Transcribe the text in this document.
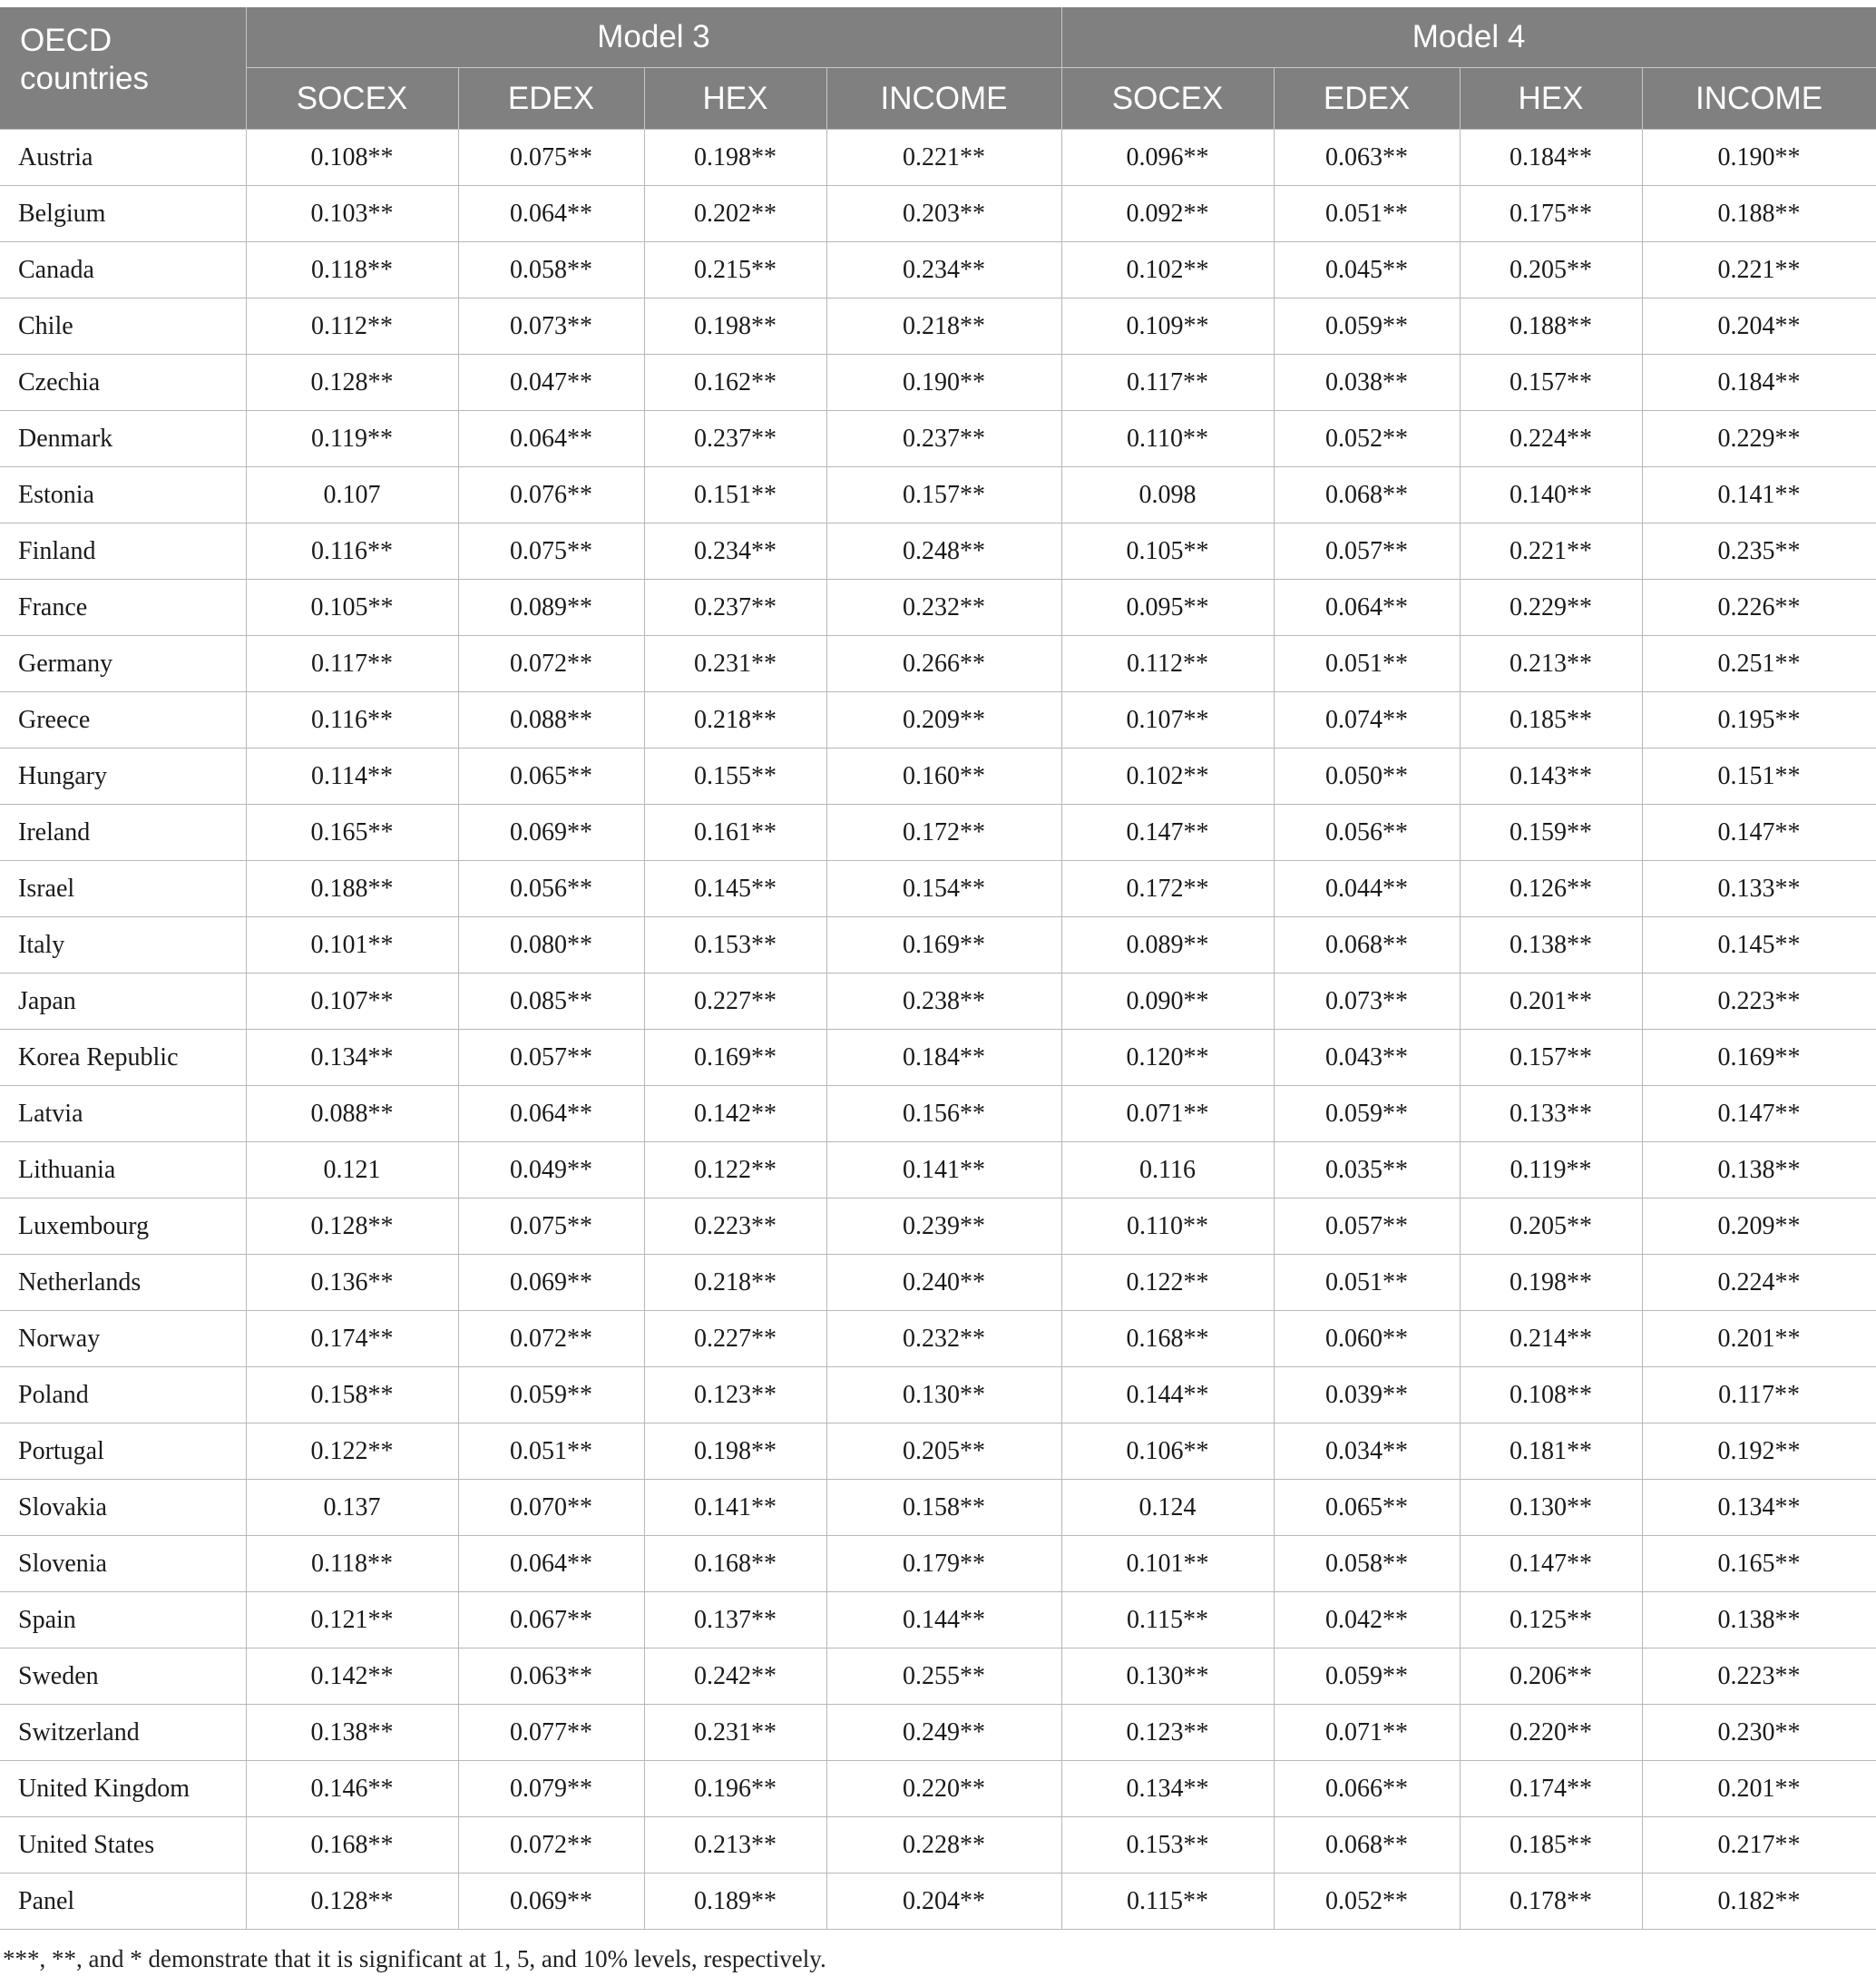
OECD
countries	Model 3				Model 4			
	SOCEX	EDEX	HEX	INCOME	SOCEX	EDEX	HEX	INCOME
Austria	0.108**	0.075**	0.198**	0.221**	0.096**	0.063**	0.184**	0.190**
Belgium	0.103**	0.064**	0.202**	0.203**	0.092**	0.051**	0.175**	0.188**
Canada	0.118**	0.058**	0.215**	0.234**	0.102**	0.045**	0.205**	0.221**
Chile	0.112**	0.073**	0.198**	0.218**	0.109**	0.059**	0.188**	0.204**
Czechia	0.128**	0.047**	0.162**	0.190**	0.117**	0.038**	0.157**	0.184**
Denmark	0.119**	0.064**	0.237**	0.237**	0.110**	0.052**	0.224**	0.229**
Estonia	0.107	0.076**	0.151**	0.157**	0.098	0.068**	0.140**	0.141**
Finland	0.116**	0.075**	0.234**	0.248**	0.105**	0.057**	0.221**	0.235**
France	0.105**	0.089**	0.237**	0.232**	0.095**	0.064**	0.229**	0.226**
Germany	0.117**	0.072**	0.231**	0.266**	0.112**	0.051**	0.213**	0.251**
Greece	0.116**	0.088**	0.218**	0.209**	0.107**	0.074**	0.185**	0.195**
Hungary	0.114**	0.065**	0.155**	0.160**	0.102**	0.050**	0.143**	0.151**
Ireland	0.165**	0.069**	0.161**	0.172**	0.147**	0.056**	0.159**	0.147**
Israel	0.188**	0.056**	0.145**	0.154**	0.172**	0.044**	0.126**	0.133**
Italy	0.101**	0.080**	0.153**	0.169**	0.089**	0.068**	0.138**	0.145**
Japan	0.107**	0.085**	0.227**	0.238**	0.090**	0.073**	0.201**	0.223**
Korea Republic	0.134**	0.057**	0.169**	0.184**	0.120**	0.043**	0.157**	0.169**
Latvia	0.088**	0.064**	0.142**	0.156**	0.071**	0.059**	0.133**	0.147**
Lithuania	0.121	0.049**	0.122**	0.141**	0.116	0.035**	0.119**	0.138**
Luxembourg	0.128**	0.075**	0.223**	0.239**	0.110**	0.057**	0.205**	0.209**
Netherlands	0.136**	0.069**	0.218**	0.240**	0.122**	0.051**	0.198**	0.224**
Norway	0.174**	0.072**	0.227**	0.232**	0.168**	0.060**	0.214**	0.201**
Poland	0.158**	0.059**	0.123**	0.130**	0.144**	0.039**	0.108**	0.117**
Portugal	0.122**	0.051**	0.198**	0.205**	0.106**	0.034**	0.181**	0.192**
Slovakia	0.137	0.070**	0.141**	0.158**	0.124	0.065**	0.130**	0.134**
Slovenia	0.118**	0.064**	0.168**	0.179**	0.101**	0.058**	0.147**	0.165**
Spain	0.121**	0.067**	0.137**	0.144**	0.115**	0.042**	0.125**	0.138**
Sweden	0.142**	0.063**	0.242**	0.255**	0.130**	0.059**	0.206**	0.223**
Switzerland	0.138**	0.077**	0.231**	0.249**	0.123**	0.071**	0.220**	0.230**
United Kingdom	0.146**	0.079**	0.196**	0.220**	0.134**	0.066**	0.174**	0.201**
United States	0.168**	0.072**	0.213**	0.228**	0.153**	0.068**	0.185**	0.217**
Panel	0.128**	0.069**	0.189**	0.204**	0.115**	0.052**	0.178**	0.182**
***, **, and * demonstrate that it is significant at 1, 5, and 10% levels, respectively.
